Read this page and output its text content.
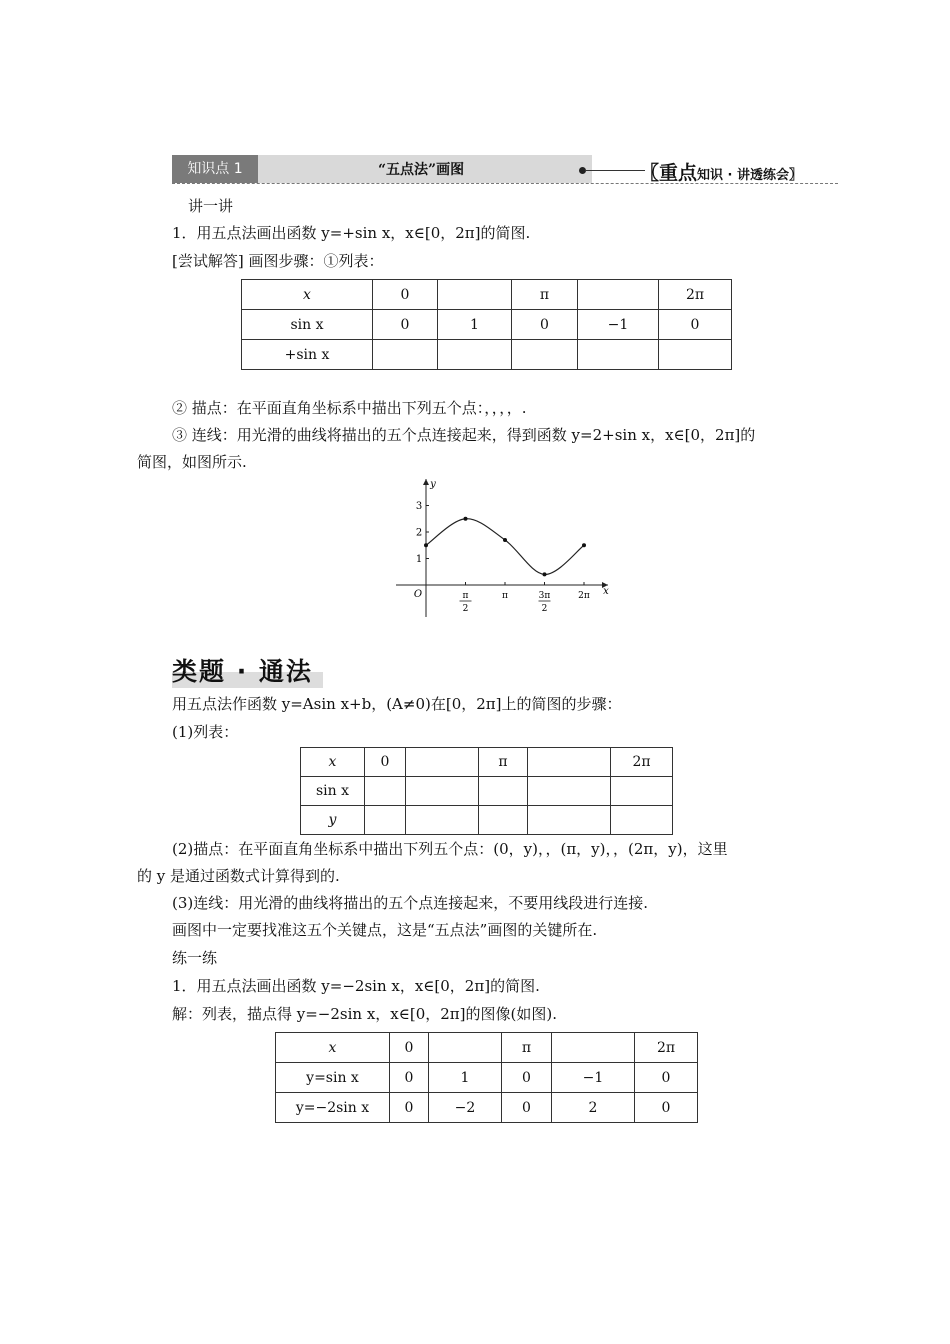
知识点 1	“五点法”画图	〖重点知识 · 讲透练会〗
讲一讲
1．用五点法画出函数 y=+sin x，x∈[0，2π]的简图.
[尝试解答] 画图步骤：①列表：
x	0		π		2π
sin x	0	1	0	−1	0
+sin x					
② 描点：在平面直角坐标系中描出下列五个点：，，，，.
③ 连线：用光滑的曲线将描出的五个点连接起来，得到函数 y=2+sin x，x∈[0，2π]的
简图，如图所示.
x
y
O
1
2
3
π
2
π	3π
2
2π
类题 · 通法
用五点法作函数 y=Asin x+b，(A≠0)在[0，2π]上的简图的步骤：
(1)列表：
x	0		π		2π
sin x					
y					
(2)描点：在平面直角坐标系中描出下列五个点：(0，y)，，(π，y)，，(2π，y)，这里
的 y 是通过函数式计算得到的.
(3)连线：用光滑的曲线将描出的五个点连接起来，不要用线段进行连接.
画图中一定要找准这五个关键点，这是“五点法”画图的关键所在.
练一练
1．用五点法画出函数 y=−2sin x，x∈[0，2π]的简图.
解：列表，描点得 y=−2sin x，x∈[0，2π]的图像(如图).
x	0		π		2π
y=sin x	0	1	0	−1	0
y=−2sin x	0	−2	0	2	0
